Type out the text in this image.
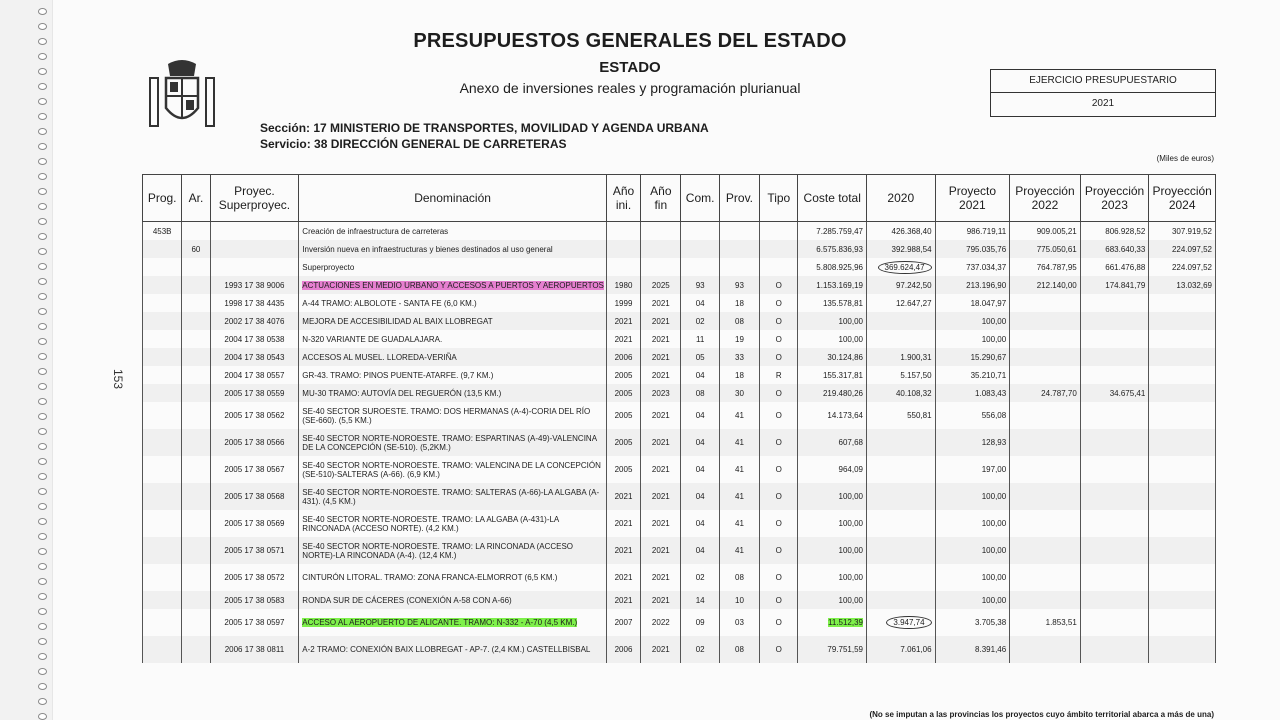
153
PRESUPUESTOS GENERALES DEL ESTADO
ESTADO
Anexo de inversiones reales y programación plurianual	EJERCICIO PRESUPUESTARIO
2021
Sección: 17 MINISTERIO DE TRANSPORTES, MOVILIDAD Y AGENDA URBANA
Servicio: 38 DIRECCIÓN GENERAL DE CARRETERAS
(Miles de euros)
Prog.	Ar.	Proyec. Superproyec.	Denominación	Año ini.	Año fin	Com.	Prov.	Tipo	Coste total	2020	Proyecto 2021	Proyección 2022	Proyección 2023	Proyección 2024
453B			Creación de infraestructura de carreteras						7.285.759,47	426.368,40	986.719,11	909.005,21	806.928,52	307.919,52
	60		Inversión nueva en infraestructuras y bienes destinados al uso general						6.575.836,93	392.988,54	795.035,76	775.050,61	683.640,33	224.097,52
			Superproyecto						5.808.925,96	369.624,47	737.034,37	764.787,95	661.476,88	224.097,52
		1993 17 38 9006	ACTUACIONES EN MEDIO URBANO Y ACCESOS A PUERTOS Y AEROPUERTOS	1980	2025	93	93	O	1.153.169,19	97.242,50	213.196,90	212.140,00	174.841,79	13.032,69
		1998 17 38 4435	A-44 TRAMO: ALBOLOTE - SANTA FE (6,0 KM.)	1999	2021	04	18	O	135.578,81	12.647,27	18.047,97			
		2002 17 38 4076	MEJORA DE ACCESIBILIDAD AL BAIX LLOBREGAT	2021	2021	02	08	O	100,00		100,00			
		2004 17 38 0538	N-320 VARIANTE DE GUADALAJARA.	2021	2021	11	19	O	100,00		100,00			
		2004 17 38 0543	ACCESOS AL MUSEL. LLOREDA-VERIÑA	2006	2021	05	33	O	30.124,86	1.900,31	15.290,67			
		2004 17 38 0557	GR-43. TRAMO: PINOS PUENTE-ATARFE. (9,7 KM.)	2005	2021	04	18	R	155.317,81	5.157,50	35.210,71			
		2005 17 38 0559	MU-30 TRAMO: AUTOVÍA DEL REGUERÓN (13,5 KM.)	2005	2023	08	30	O	219.480,26	40.108,32	1.083,43	24.787,70	34.675,41	
		2005 17 38 0562	SE-40 SECTOR SUROESTE. TRAMO: DOS HERMANAS (A-4)-CORIA DEL RÍO (SE-660). (5,5 KM.)	2005	2021	04	41	O	14.173,64	550,81	556,08			
		2005 17 38 0566	SE-40 SECTOR NORTE-NOROESTE. TRAMO: ESPARTINAS (A-49)-VALENCINA DE LA CONCEPCIÓN (SE-510). (5,2KM.)	2005	2021	04	41	O	607,68		128,93			
		2005 17 38 0567	SE-40 SECTOR NORTE-NOROESTE. TRAMO: VALENCINA DE LA CONCEPCIÓN (SE-510)-SALTERAS (A-66). (6,9 KM.)	2005	2021	04	41	O	964,09		197,00			
		2005 17 38 0568	SE-40 SECTOR NORTE-NOROESTE. TRAMO: SALTERAS (A-66)-LA ALGABA (A-431). (4,5 KM.)	2021	2021	04	41	O	100,00		100,00			
		2005 17 38 0569	SE-40 SECTOR NORTE-NOROESTE. TRAMO: LA ALGABA (A-431)-LA RINCONADA (ACCESO NORTE). (4,2 KM.)	2021	2021	04	41	O	100,00		100,00			
		2005 17 38 0571	SE-40 SECTOR NORTE-NOROESTE. TRAMO: LA RINCONADA (ACCESO NORTE)-LA RINCONADA (A-4). (12,4 KM.)	2021	2021	04	41	O	100,00		100,00			
		2005 17 38 0572	CINTURÓN LITORAL. TRAMO: ZONA FRANCA-ELMORROT (6,5 KM.)	2021	2021	02	08	O	100,00		100,00			
		2005 17 38 0583	RONDA SUR DE CÁCERES (CONEXIÓN A-58 CON A-66)	2021	2021	14	10	O	100,00		100,00			
		2005 17 38 0597	ACCESO AL AEROPUERTO DE ALICANTE. TRAMO: N-332 - A-70 (4,5 KM.)	2007	2022	09	03	O	11.512,39	3.947,74	3.705,38	1.853,51		
		2006 17 38 0811	A-2 TRAMO: CONEXIÓN BAIX LLOBREGAT - AP-7. (2,4 KM.) CASTELLBISBAL	2006	2021	02	08	O	79.751,59	7.061,06	8.391,46			
(No se imputan a las provincias los proyectos cuyo ámbito territorial abarca a más de una)
